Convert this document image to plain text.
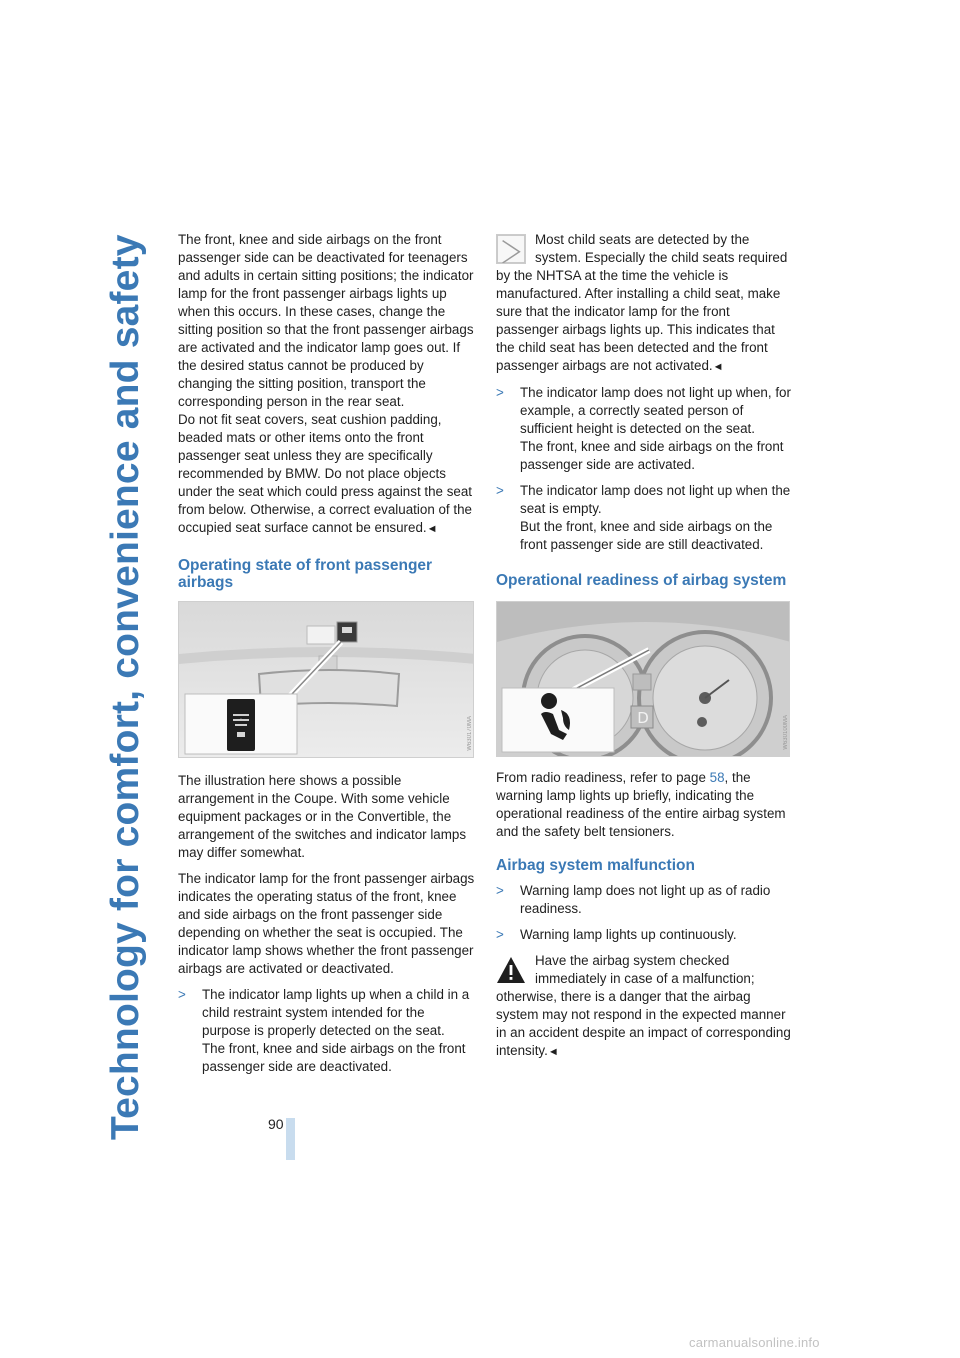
Technology for comfort, convenience and safety	90

The front, knee and side airbags on the front passenger side can be deactivated for teenagers and adults in certain sitting positions; the indicator lamp for the front passenger airbags lights up when this occurs. In these cases, change the sitting position so that the front passenger airbags are activated and the indicator lamp goes out. If the desired status cannot be produced by changing the sitting position, transport the corresponding person in the rear seat.

Do not fit seat covers, seat cushion padding, beaded mats or other items onto the front passenger seat unless they are specifically recommended by BMW. Do not place objects under the seat which could press against the seat from below. Otherwise, a correct evaluation of the occupied seat surface cannot be ensured.◄

Operating state of front passenger airbags
-	W630170MA

The illustration here shows a possible arrangement in the Coupe. With some vehicle equipment packages or in the Convertible, the arrangement of the switches and indicator lamps may differ somewhat.

The indicator lamp for the front passenger airbags indicates the operating status of the front, knee and side airbags on the front passenger side depending on whether the seat is occupied. The indicator lamp shows whether the front passenger airbags are activated or deactivated.

> The indicator lamp lights up when a child in a child restraint system intended for the purpose is properly detected on the seat.
The front, knee and side airbags on the front passenger side are deactivated.
Most child seats are detected by the system. Especially the child seats required by the NHTSA at the time the vehicle is manufactured. After installing a child seat, make sure that the indicator lamp for the front passenger airbags lights up. This indicates that the child seat has been detected and the front passenger airbags are not activated.◄
> The indicator lamp does not light up when, for example, a correctly seated person of sufficient height is detected on the seat.
The front, knee and side airbags on the front passenger side are activated.
> The indicator lamp does not light up when the seat is empty.
But the front, knee and side airbags on the front passenger side are still deactivated.
Operational readiness of airbag system
D	W630100MA

From radio readiness, refer to page 58, the warning lamp lights up briefly, indicating the operational readiness of the entire airbag system and the safety belt tensioners.

Airbag system malfunction
> Warning lamp does not light up as of radio readiness.
> Warning lamp lights up continuously.
Have the airbag system checked immediately in case of a malfunction; otherwise, there is a danger that the airbag system may not respond in the expected manner in an accident despite an impact of corresponding intensity.◄
carmanualsonline.info
